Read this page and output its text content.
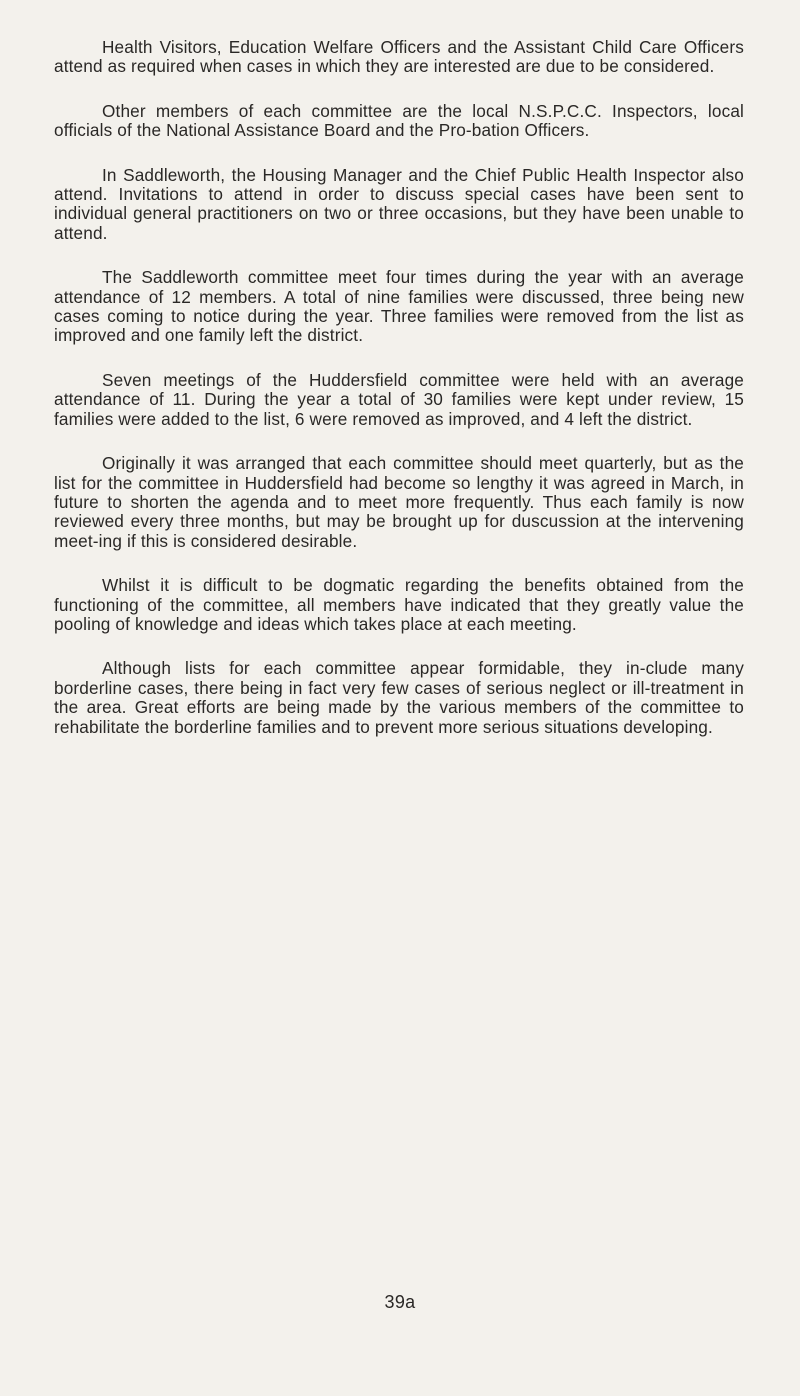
Health Visitors, Education Welfare Officers and the Assistant Child Care Officers attend as required when cases in which they are interested are due to be considered.

Other members of each committee are the local N.S.P.C.C. Inspectors, local officials of the National Assistance Board and the Pro-bation Officers.

In Saddleworth, the Housing Manager and the Chief Public Health Inspector also attend. Invitations to attend in order to discuss special cases have been sent to individual general practitioners on two or three occasions, but they have been unable to attend.

The Saddleworth committee meet four times during the year with an average attendance of 12 members. A total of nine families were discussed, three being new cases coming to notice during the year. Three families were removed from the list as improved and one family left the district.

Seven meetings of the Huddersfield committee were held with an average attendance of 11. During the year a total of 30 families were kept under review, 15 families were added to the list, 6 were removed as improved, and 4 left the district.

Originally it was arranged that each committee should meet quarterly, but as the list for the committee in Huddersfield had become so lengthy it was agreed in March, in future to shorten the agenda and to meet more frequently. Thus each family is now reviewed every three months, but may be brought up for duscussion at the intervening meet-ing if this is considered desirable.

Whilst it is difficult to be dogmatic regarding the benefits obtained from the functioning of the committee, all members have indicated that they greatly value the pooling of knowledge and ideas which takes place at each meeting.

Although lists for each committee appear formidable, they in-clude many borderline cases, there being in fact very few cases of serious neglect or ill-treatment in the area. Great efforts are being made by the various members of the committee to rehabilitate the borderline families and to prevent more serious situations developing.

39a
